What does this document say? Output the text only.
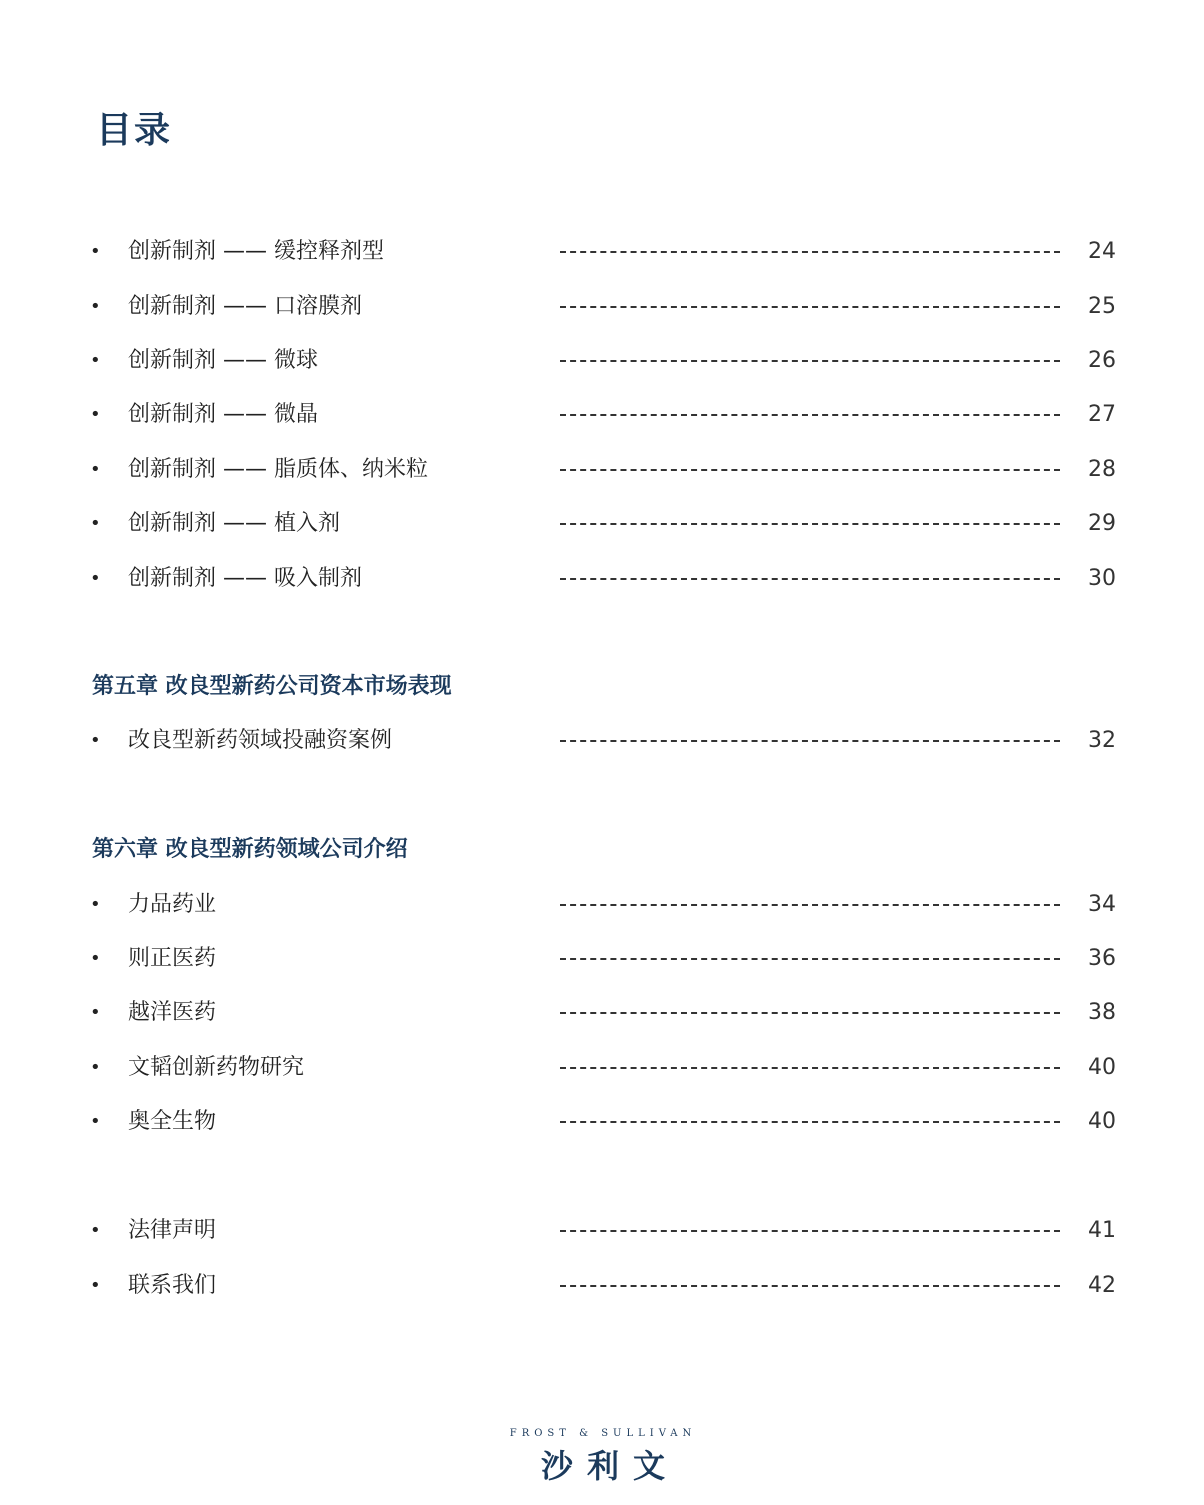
目录
• 创新制剂 —— 缓控释剂型	24
• 创新制剂 —— 口溶膜剂	25
• 创新制剂 —— 微球	26
• 创新制剂 —— 微晶	27
• 创新制剂 —— 脂质体、纳米粒	28
• 创新制剂 —— 植入剂	29
• 创新制剂 —— 吸入制剂	30
第五章 改良型新药公司资本市场表现
• 改良型新药领域投融资案例	32
第六章 改良型新药领域公司介绍
• 力品药业	34
• 则正医药	36
• 越洋医药	38
• 文韬创新药物研究	40
• 奥全生物	40
• 法律声明	41
• 联系我们	42
FROST & SULLIVAN
沙利文
